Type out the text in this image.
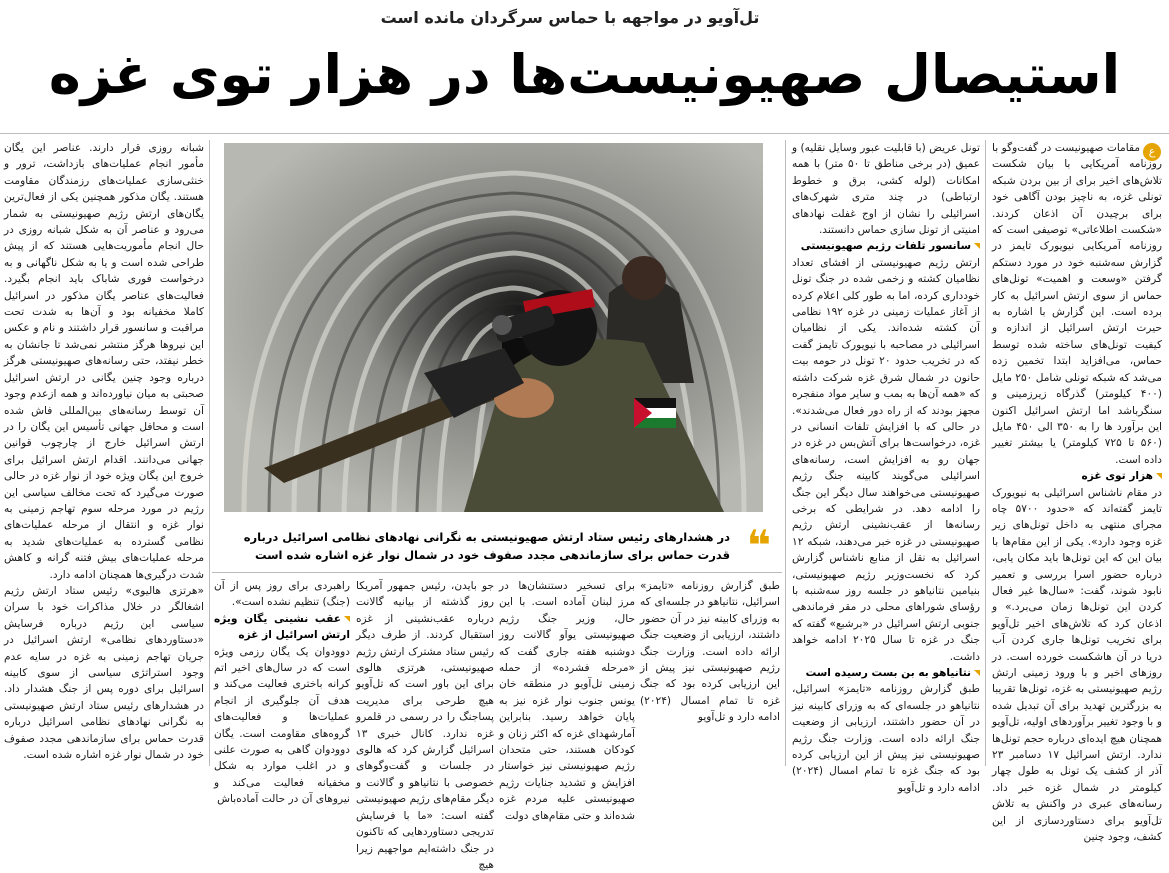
تل‌آویو در مواجهه با حماس سرگردان مانده است
استیصال صهیونیست‌ها در هزار توی غزه
ع

مقامات صهیونیست در گفت‌وگو با روزنامه آمریکایی با بیان شکست تلاش‌های اخیر برای از بین بردن شبکه تونلی غزه، به ناچیز بودن آگاهی خود برای برچیدن آن اذعان کردند. «شکست اطلاعاتی» توصیفی است که روزنامه آمریکایی نیویورک تایمز در گزارش سه‌شنبه خود در مورد دستکم گرفتن «وسعت و اهمیت» تونل‌های حماس از سوی ارتش اسرائیل به کار برده است. این گزارش با اشاره به حیرت ارتش اسرائیل از اندازه و کیفیت تونل‌های ساخته شده توسط حماس، می‌افزاید ابتدا تخمین زده می‌شد که شبکه تونلی شامل ۲۵۰ مایل (۴۰۰ کیلومتر) گذرگاه زیرزمینی و سنگرباشد اما ارتش اسرائیل اکنون این برآورد ها را به ۳۵۰ الی ۴۵۰ مایل (۵۶۰ تا ۷۲۵ کیلومتر) یا بیشتر تغییر داده است.

هزار توی غزه

در مقام ناشناس اسرائیلی به نیویورک تایمز گفته‌اند که «حدود ۵۷۰۰ چاه مجرای منتهی به داخل تونل‌های زیر غزه وجود دارد». یکی از این مقام‌ها با بیان این که این تونل‌ها باید مکان یابی، درباره حضور اسرا بررسی و تعمیر نابود شوند، گفت: «سال‌ها غیر فعال کردن این تونل‌ها زمان می‌برد.» و اذعان کرد که تلاش‌های اخیر تل‌آویو برای تخریب تونل‌ها جاری کردن آب دریا در آن هاشکست خورده است. در روزهای اخیر و با ورود زمینی ارتش رژیم صهیونیستی به غزه، تونل‌ها تقریبا به بزرگترین تهدید برای آن تبدیل شده و با وجود تغییر برآوردهای اولیه، تل‌آویو همچنان هیچ ایده‌ای درباره حجم تونل‌ها ندارد. ارتش اسرائیل ۱۷ دسامبر ۲۳ آذر از کشف یک تونل به طول چهار کیلومتر در شمال غزه خبر داد. رسانه‌های عبری در واکنش به تلاش تل‌آویو برای دستاوردسازی از این کشف، وجود چنین

تونل عریض (با قابلیت عبور وسایل نقلیه) و عمیق (در برخی مناطق تا ۵۰ متر) با همه امکانات (لوله کشی، برق و خطوط ارتباطی) در چند متری شهرک‌های اسرائیلی را نشان از اوج غفلت نهادهای امنیتی از تونل سازی حماس دانستند.

سانسور تلفات رژیم صهیونیستی

ارتش رژیم صهیونیستی از افشای تعداد نظامیان کشته و زخمی شده در جنگ تونل خودداری کرده، اما به طور کلی اعلام کرده از آغاز عملیات زمینی در غزه ۱۹۲ نظامی آن کشته شده‌اند. یکی از نظامیان اسرائیلی در مصاحبه با نیویورک تایمز گفت که در تخریب حدود ۲۰ تونل در حومه بیت حانون در شمال شرق غزه شرکت داشته که «همه آن‌ها به بمب و سایر مواد منفجره مجهز بودند که از راه دور فعال می‌شدند». در حالی که با افزایش تلفات انسانی در غزه، درخواست‌ها برای آتش‌بس در غزه در جهان رو به افزایش است، رسانه‌های اسرائیلی می‌گویند کابینه جنگ رژیم صهیونیستی می‌خواهند سال دیگر این جنگ را ادامه دهد. در شرایطی که برخی رسانه‌ها از عقب‌نشینی ارتش رژیم صهیونیستی در غزه خبر می‌دهند، شبکه ۱۲ اسرائیل به نقل از منابع ناشناس گزارش کرد که نخست‌وزیر رژیم صهیونیستی، بنیامین نتانیاهو در جلسه روز سه‌شنبه با رؤسای شوراهای محلی در مقر فرماندهی جنوبی ارتش اسرائیل در «برشبع» گفته که جنگ در غزه تا سال ۲۰۲۵ ادامه خواهد داشت.

نتانیاهو به بن بست رسیده است

طبق گزارش روزنامه «تایمز» اسرائیل، نتانیاهو در جلسه‌ای که به وزرای کابینه نیز در آن حضور داشتند، ارزیابی از وضعیت جنگ ارائه داده است. وزارت جنگ رژیم صهیونیستی نیز پیش از این ارزیابی کرده بود که جنگ غزه تا تمام امسال (۲۰۲۴) ادامه دارد و تل‌آویو

❝
در هشدارهای رئیس ستاد ارتش صهیونیستی به نگرانی نهادهای نظامی اسرائیل درباره قدرت حماس برای سازماندهی مجدد صفوف خود در شمال نوار غزه اشاره شده است

شبانه روزی قرار دارند. عناصر این یگان مأمور انجام عملیات‌های بازداشت، ترور و خنثی‌سازی عملیات‌های رزمندگان مقاومت هستند. یگان مذکور همچنین یکی از فعال‌ترین یگان‌های ارتش رژیم صهیونیستی به شمار می‌رود و عناصر آن به شکل شبانه روزی در حال انجام مأموریت‌هایی هستند که از پیش طراحی شده است و یا به شکل ناگهانی و به درخواست فوری شاباک باید انجام بگیرد. فعالیت‌های عناصر یگان مذکور در اسرائیل کاملا مخفیانه بود و آن‌ها به شدت تحت مراقبت و سانسور قرار داشتند و نام و عکس این نیروها هرگز منتشر نمی‌شد تا جانشان به خطر نیفتد، حتی رسانه‌های صهیونیستی هرگز درباره وجود چنین یگانی در ارتش اسرائیل صحبتی به میان نیاورده‌اند و همه ازعدم وجود آن توسط رسانه‌های بین‌المللی فاش شده است و محافل جهانی تأسیس این یگان را در ارتش اسرائیل خارج از چارچوب قوانین جهانی می‌دانند. اقدام ارتش اسرائیل برای خروج این یگان ویژه خود از نوار غزه در حالی صورت می‌گیرد که تحت مخالف سیاسی این رژیم در مورد مرحله سوم تهاجم زمینی به نوار غزه و انتقال از مرحله عملیات‌های نظامی گسترده به عملیات‌های شدید به مرحله عملیات‌های بیش فتنه گرانه و کاهش شدت درگیری‌ها همچنان ادامه دارد.

«هرتزی هالیوی» رئیس ستاد ارتش رژیم اشغالگر در خلال مذاکرات خود با سران سیاسی این رژیم درباره فرسایش «دستاوردهای نظامی» ارتش اسرائیل در جریان تهاجم زمینی به غزه در سایه عدم وجود استراتژی سیاسی از سوی کابینه اسرائیل برای دوره پس از جنگ هشدار داد. در هشدارهای رئیس ستاد ارتش صهیونیستی به نگرانی نهادهای نظامی اسرائیل درباره قدرت حماس برای سازماندهی مجدد صفوف خود در شمال نوار غزه اشاره شده است.

راهبردی برای روز پس از آن (جنگ) تنظیم نشده است».

عقب نشینی یگان ویژه ارتش اسرائیل از غزه

دوودوان یک یگان رزمی ویژه است که در سال‌های اخیر اتم کرانه باختری فعالیت می‌کند و هدف آن جلوگیری از انجام عملیات‌ها و فعالیت‌های گروه‌های مقاومت است. یگان دوودوان گاهی به صورت علنی و در اغلب موارد به شکل مخفیانه فعالیت می‌کند و نیروهای آن در حالت آماده‌باش

جو بایدن، رئیس جمهور آمریکا روز گذشته از بیانیه گالانت درباره عقب‌نشینی از غزه استقبال کردند. از طرف دیگر رئیس ستاد مشترک ارتش رژیم صهیونیستی، هرتزی هالوی برای این باور است که تل‌آویو هیچ طرحی برای مدیریت پساجنگ را در رسمی در قلمرو غزه ندارد. کانال خبری ۱۳ اسرائیل گزارش کرد که هالوی در جلسات و گفت‌وگوهای خصوصی با نتانیاهو و گالانت و دیگر مقام‌های رژیم صهیونیستی گفته است: «ما با فرسایش تدریجی دستاوردهایی که تاکنون در جنگ داشته‌ایم مواجهیم زیرا هیچ

برای تسخیر دستنشان‌ها در مرز لبنان آماده است. با این حال، وزیر جنگ رژیم صهیونیستی یوآو گالانت روز دوشنبه هفته جاری گفت که «مرحله فشرده» از حمله زمینی تل‌آویو در منطقه خان یونس جنوب نوار غزه نیز به پایان خواهد رسید. بنابراین آمارشهدای غزه که اکثر زنان و کودکان هستند، حتی متحدان رژیم صهیونیستی نیز خواستار افزایش و تشدید جنایات رژیم صهیونیستی علیه مردم غزه شده‌اند و حتی مقام‌های دولت

طبق گزارش روزنامه «تایمز» اسرائیل، نتانیاهو در جلسه‌ای که به وزرای کابینه نیز در آن حضور داشتند، ارزیابی از وضعیت جنگ ارائه داده است. وزارت جنگ رژیم صهیونیستی نیز پیش از این ارزیابی کرده بود که جنگ غزه تا تمام امسال (۲۰۲۴) ادامه دارد و تل‌آویو
